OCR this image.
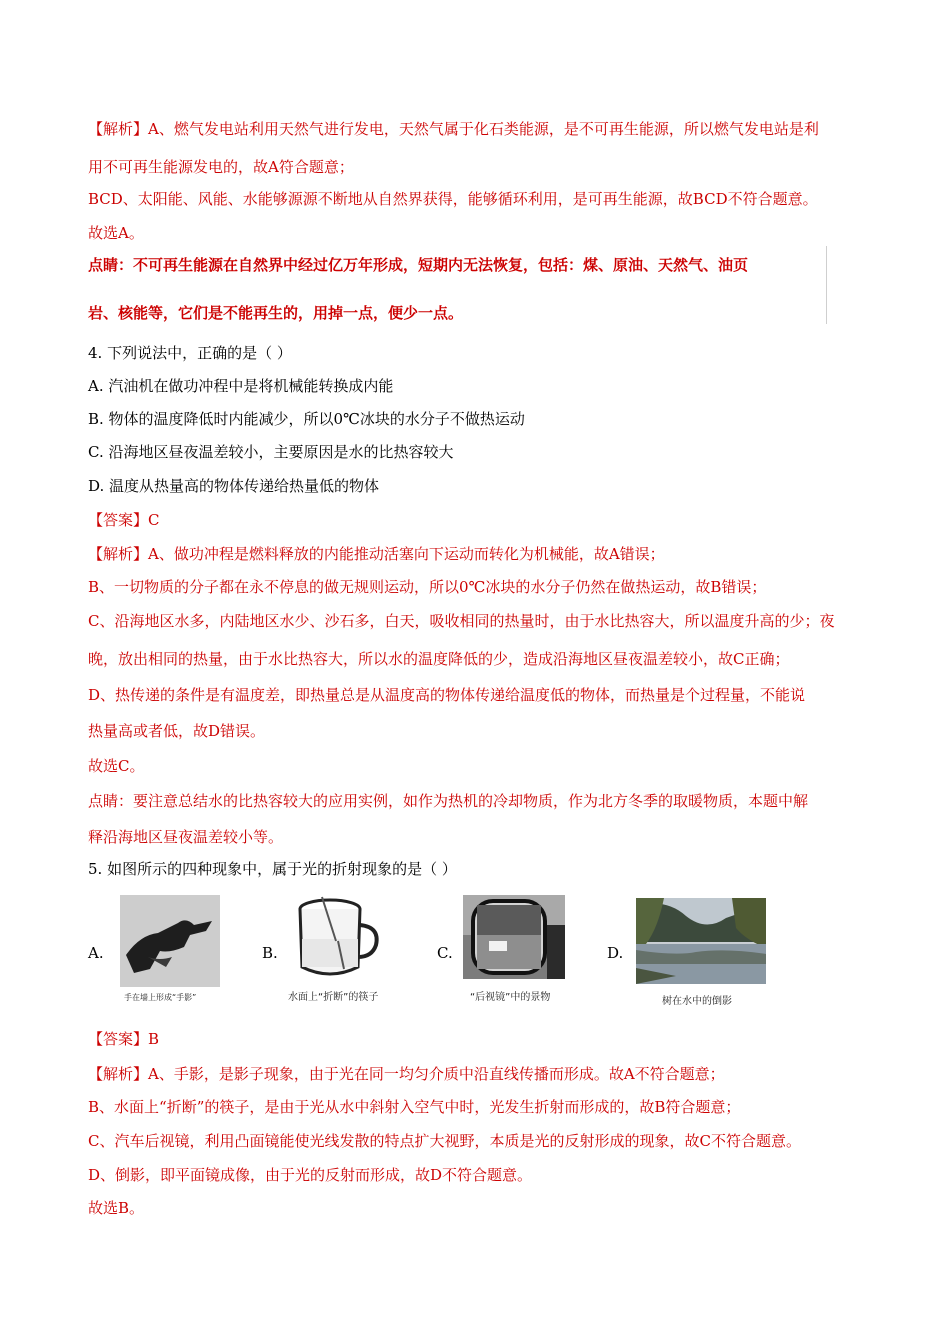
【解析】A、燃气发电站利用天然气进行发电，天然气属于化石类能源，是不可再生能源，所以燃气发电站是利
用不可再生能源发电的，故A符合题意；
BCD、太阳能、风能、水能够源源不断地从自然界获得，能够循环利用，是可再生能源，故BCD不符合题意。
故选A。
点睛：不可再生能源在自然界中经过亿万年形成，短期内无法恢复，包括：煤、原油、天然气、油页
岩、核能等，它们是不能再生的，用掉一点，便少一点。
4. 下列说法中，正确的是（ ）
A. 汽油机在做功冲程中是将机械能转换成内能
B. 物体的温度降低时内能减少，所以0℃冰块的水分子不做热运动
C. 沿海地区昼夜温差较小，主要原因是水的比热容较大
D. 温度从热量高的物体传递给热量低的物体
【答案】C
【解析】A、做功冲程是燃料释放的内能推动活塞向下运动而转化为机械能，故A错误；
B、一切物质的分子都在永不停息的做无规则运动，所以0℃冰块的水分子仍然在做热运动，故B错误；
C、沿海地区水多，内陆地区水少、沙石多，白天，吸收相同的热量时，由于水比热容大，所以温度升高的少；夜
晚，放出相同的热量，由于水比热容大，所以水的温度降低的少，造成沿海地区昼夜温差较小，故C正确；
D、热传递的条件是有温度差，即热量总是从温度高的物体传递给温度低的物体，而热量是个过程量，不能说
热量高或者低，故D错误。
故选C。
点睛：要注意总结水的比热容较大的应用实例，如作为热机的冷却物质，作为北方冬季的取暖物质，本题中解
释沿海地区昼夜温差较小等。
5. 如图所示的四种现象中，属于光的折射现象的是（ ）
A.
手在墙上形成“手影”
B.
水面上“折断”的筷子
C.
“后视镜”中的景物
D.
树在水中的倒影
【答案】B
【解析】A、手影，是影子现象，由于光在同一均匀介质中沿直线传播而形成。故A不符合题意；
B、水面上“折断”的筷子，是由于光从水中斜射入空气中时，光发生折射而形成的，故B符合题意；
C、汽车后视镜，利用凸面镜能使光线发散的特点扩大视野，本质是光的反射形成的现象，故C不符合题意。
D、倒影，即平面镜成像，由于光的反射而形成，故D不符合题意。
故选B。
